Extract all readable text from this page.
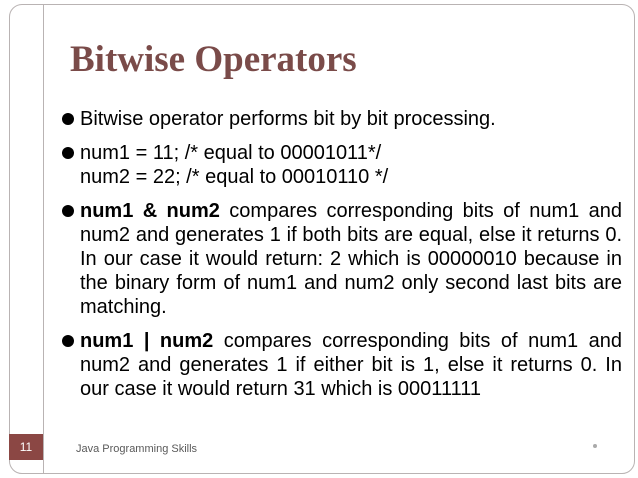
Bitwise Operators
Bitwise operator performs bit by bit processing.
num1 = 11; /* equal to 00001011*/
num2 = 22; /* equal to 00010110 */
num1 & num2 compares corresponding bits of num1 and num2 and generates 1 if both bits are equal, else it returns 0. In our case it would return: 2 which is 00000010 because in the binary form of num1 and num2 only second last bits are matching.
num1 | num2 compares corresponding bits of num1 and num2 and generates 1 if either bit is 1, else it returns 0. In our case it would return 31 which is 00011111
Java Programming Skills
11
